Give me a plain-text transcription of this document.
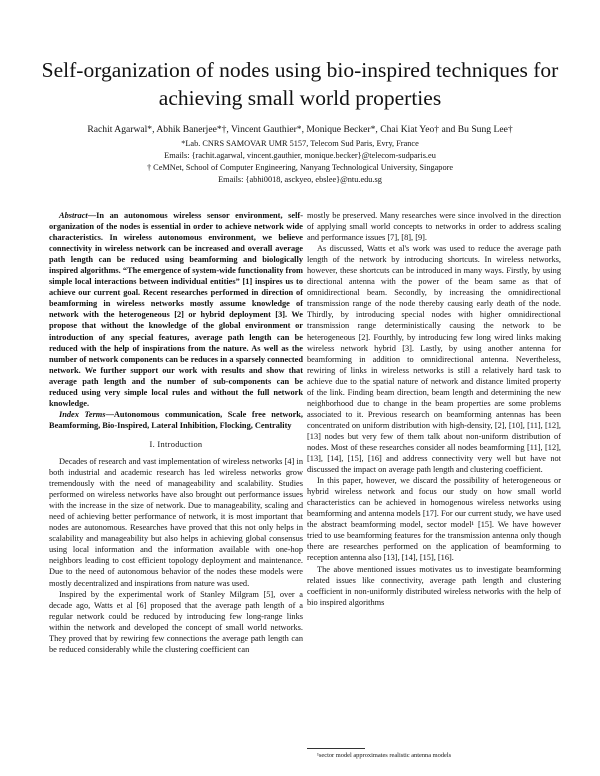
Self-organization of nodes using bio-inspired techniques for achieving small world properties
Rachit Agarwal*, Abhik Banerjee*†, Vincent Gauthier*, Monique Becker*, Chai Kiat Yeo† and Bu Sung Lee†
*Lab. CNRS SAMOVAR UMR 5157, Telecom Sud Paris, Evry, France
Emails: {rachit.agarwal, vincent.gauthier, monique.becker}@telecom-sudparis.eu
† CeMNet, School of Computer Engineering, Nanyang Technological University, Singapore
Emails: {abhi0018, asckyeo, ebslee}@ntu.edu.sg

Abstract—In an autonomous wireless sensor environment, self-organization of the nodes is essential in order to achieve network wide characteristics. In wireless autonomous environment, we believe connectivity in wireless network can be increased and overall average path length can be reduced using beamforming and biologically inspired algorithms. “The emergence of system-wide functionality from simple local interactions between individual entities” [1] inspires us to achieve our current goal. Recent researches performed in direction of beamforming in wireless networks mostly assume knowledge of network with the heterogeneous [2] or hybrid deployment [3]. We propose that without the knowledge of the global environment or introduction of any special features, average path length can be reduced with the help of inspirations from the nature. As well as the number of network components can be reduces in a sparsely connected network. We further support our work with results and show that average path length and the number of sub-components can be reduced using very simple local rules and without the full network knowledge.

Index Terms—Autonomous communication, Scale free network, Beamforming, Bio-Inspired, Lateral Inhibition, Flocking, Centrality

I. Introduction

Decades of research and vast implementation of wireless networks [4] in both industrial and academic research has led wireless networks grow tremendously with the need of manageability and scalability. Studies performed on wireless networks have also brought out performance issues with the increase in the size of network. Due to manageability, scaling and need of achieving better performance of network, it is most important that nodes are autonomous. Researches have proved that this not only helps in scalability and manageability but also helps in achieving global consensus using local information and the information available with one-hop neighbors leading to cost efficient topology deployment and maintenance. Due to the need of autonomous behavior of the nodes these models were mostly decentralized and inspirations from nature was used.

Inspired by the experimental work of Stanley Milgram [5], over a decade ago, Watts et al [6] proposed that the average path length of a regular network could be reduced by introducing few long-range links within the network and developed the concept of small world networks. They proved that by rewiring few connections the average path length can be reduced considerably while the clustering coefficient can

mostly be preserved. Many researches were since involved in the direction of applying small world concepts to networks in order to address scaling and performance issues [7], [8], [9].

As discussed, Watts et al's work was used to reduce the average path length of the network by introducing shortcuts. In wireless networks, however, these shortcuts can be introduced in many ways. Firstly, by using directional antenna with the power of the beam same as that of omnidirectional beam. Secondly, by increasing the omnidirectional transmission range of the node thereby causing early death of the node. Thirdly, by introducing special nodes with higher omnidirectional transmission range deterministically causing the network to be heterogeneous [2]. Fourthly, by introducing few long wired links making wireless network hybrid [3]. Lastly, by using another antenna for beamforming in addition to omnidirectional antenna. Nevertheless, rewiring of links in wireless networks is still a relatively hard task to achieve due to the spatial nature of network and distance limited property of the link. Finding beam direction, beam length and determining the new neighborhood due to change in the beam properties are some problems associated to it. Previous research on beamforming antennas has been concentrated on uniform distribution with high-density, [2], [10], [11], [12], [13] nodes but very few of them talk about non-uniform distribution of nodes. Most of these researches consider all nodes beamforming [11], [12], [13], [14], [15], [16] and address connectivity very well but have not discussed the impact on average path length and clustering coefficient.

In this paper, however, we discard the possibility of heterogeneous or hybrid wireless network and focus our study on how small world characteristics can be achieved in homogenous wireless networks using beamforming and antenna models [17]. For our current study, we have used the abstract beamforming model, sector model¹ [15]. We have however tried to use beamforming features for the transmission antenna only though there are researches performed on the application of beamforming to reception antenna also [13], [14], [15], [16].

The above mentioned issues motivates us to investigate beamforming related issues like connectivity, average path length and clustering coefficient in non-uniformly distributed wireless networks with the help of bio inspired algorithms

¹sector model approximates realistic antenna models
